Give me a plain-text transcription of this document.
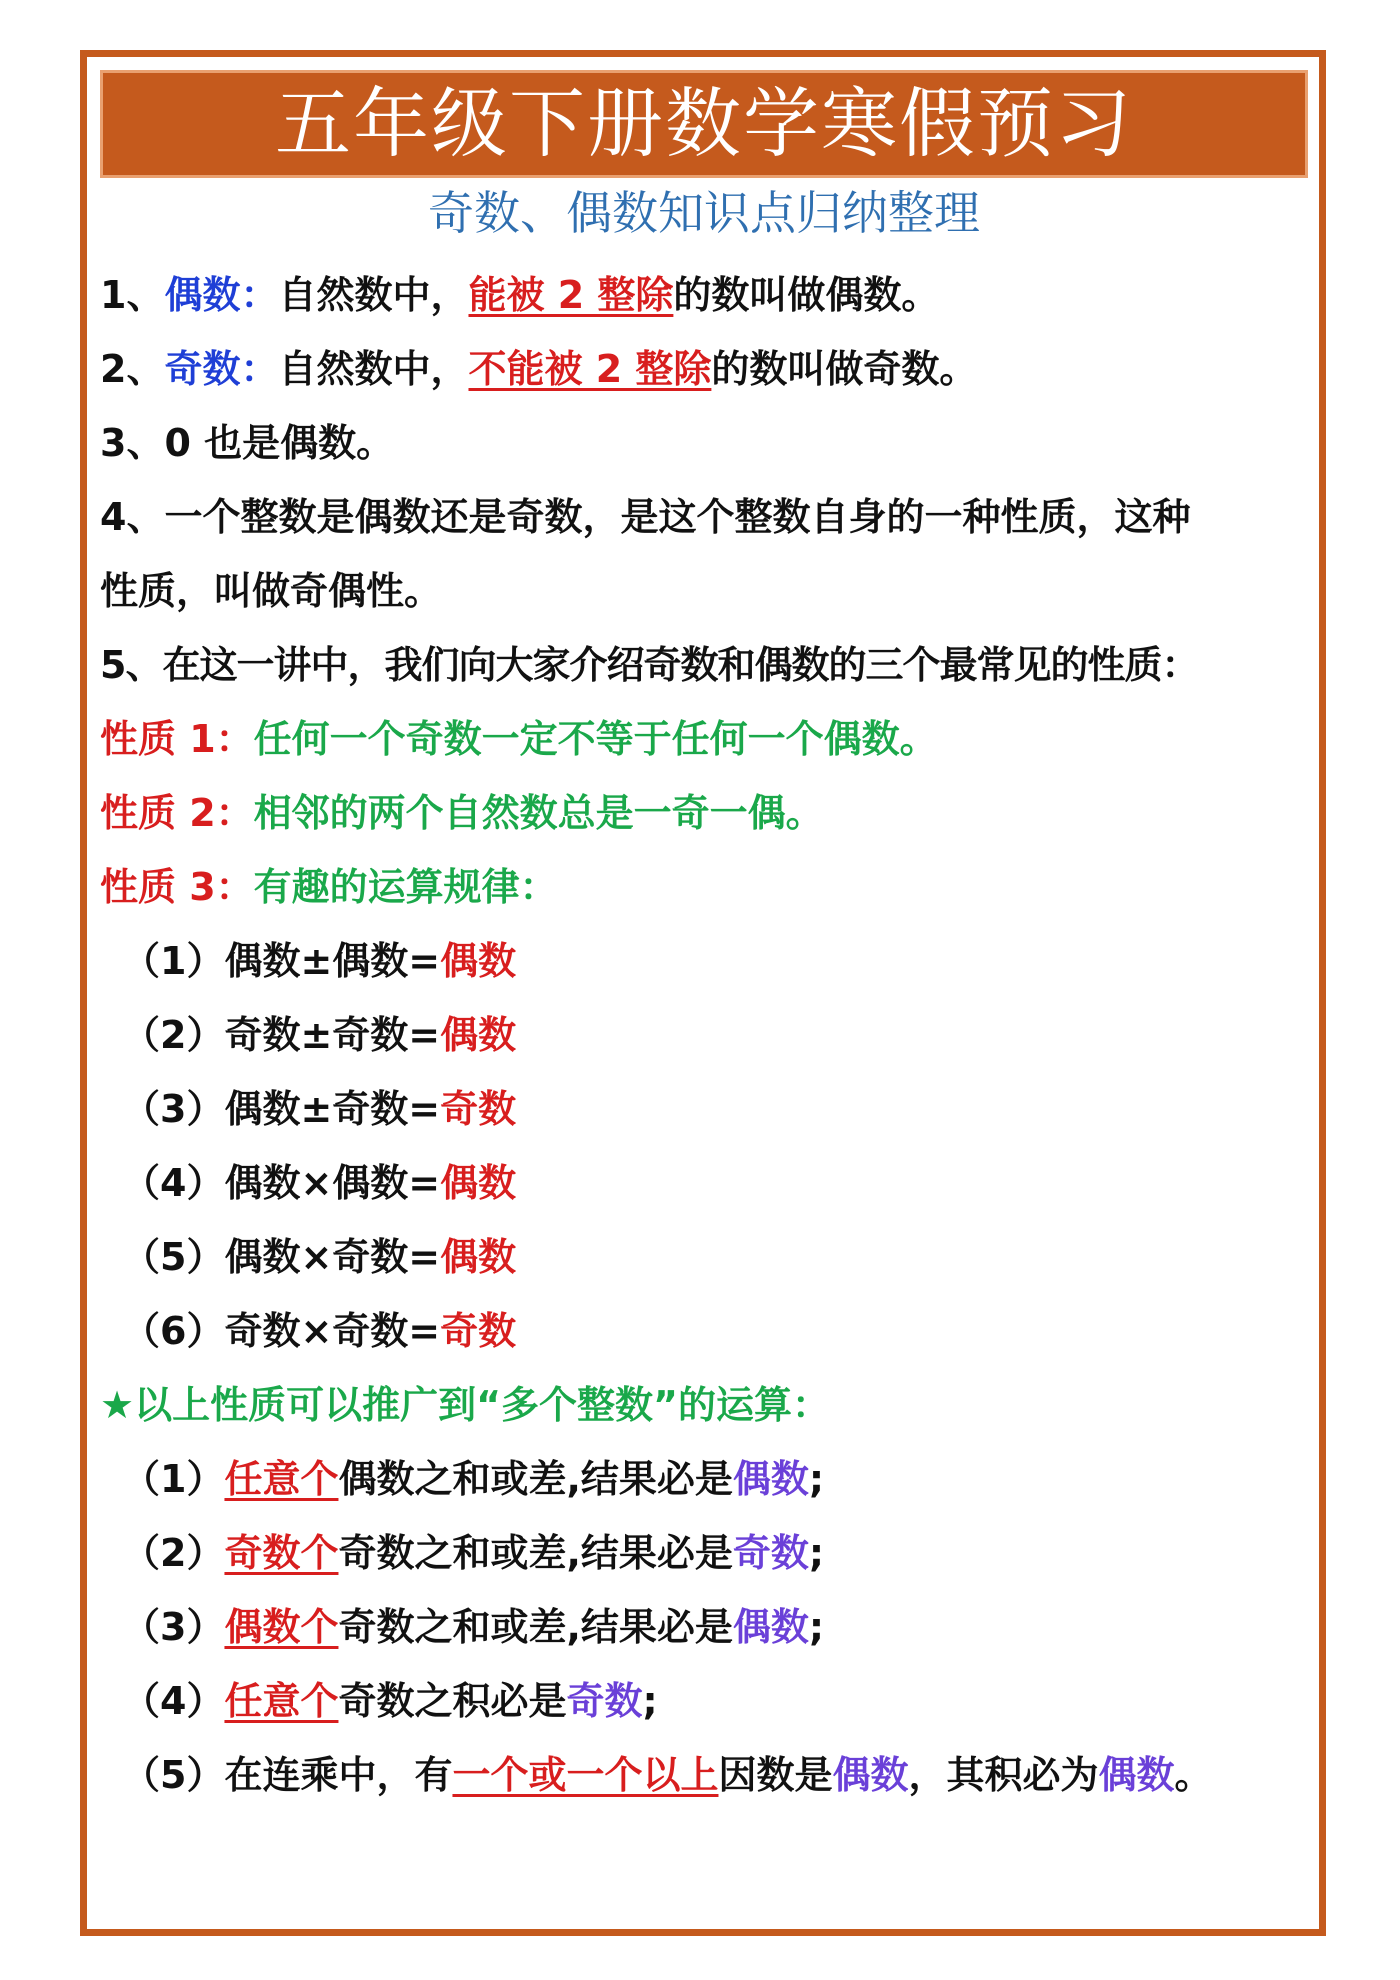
五年级下册数学寒假预习
奇数、偶数知识点归纳整理
1、偶数：自然数中，能被 2 整除的数叫做偶数。
2、奇数：自然数中，不能被 2 整除的数叫做奇数。
3、0 也是偶数。
4、一个整数是偶数还是奇数，是这个整数自身的一种性质，这种
性质，叫做奇偶性。
5、在这一讲中，我们向大家介绍奇数和偶数的三个最常见的性质：
性质 1：任何一个奇数一定不等于任何一个偶数。
性质 2：相邻的两个自然数总是一奇一偶。
性质 3：有趣的运算规律：
（1）偶数±偶数=偶数
（2）奇数±奇数=偶数
（3）偶数±奇数=奇数
（4）偶数×偶数=偶数
（5）偶数×奇数=偶数
（6）奇数×奇数=奇数
★以上性质可以推广到“多个整数”的运算：
（1）任意个偶数之和或差,结果必是偶数;
（2）奇数个奇数之和或差,结果必是奇数;
（3）偶数个奇数之和或差,结果必是偶数;
（4）任意个奇数之积必是奇数;
（5）在连乘中，有一个或一个以上因数是偶数，其积必为偶数。
